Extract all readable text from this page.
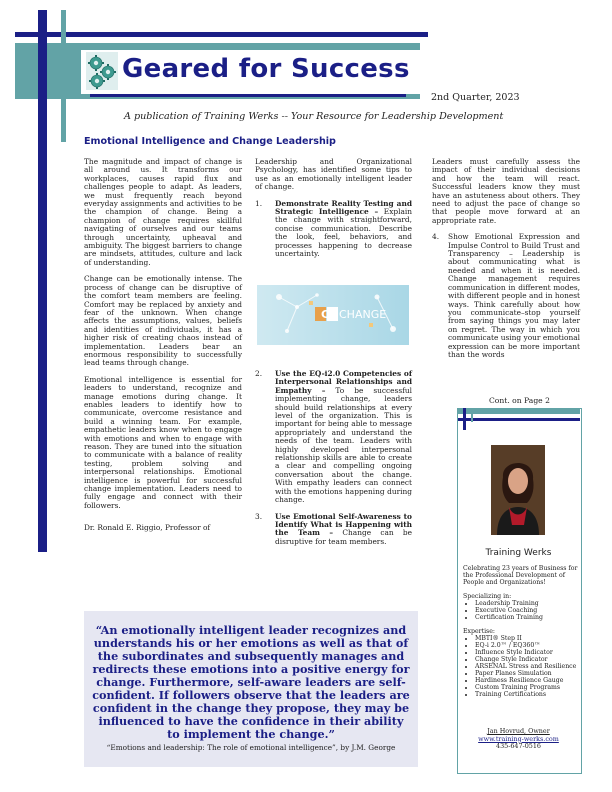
Geared for Success
2nd Quarter, 2023
A publication of Training Werks -- Your Resource for Leadership Development
Emotional Intelligence and Change Leadership

The magnitude and impact of change is all around us. It transforms our workplaces, causes rapid flux and challenges people to adapt. As leaders, we must frequently reach beyond everyday assignments and activities to be the champion of change. Being a champion of change requires skillful navigating of ourselves and our teams through uncertainty, upheaval and ambiguity. The biggest barriers to change are mindsets, attitudes, culture and lack of understanding.

Change can be emotionally intense. The process of change can be disruptive of the comfort team members are feeling. Comfort may be replaced by anxiety and fear of the unknown. When change affects the assumptions, values, beliefs and identities of individuals, it has a higher risk of creating chaos instead of implementation. Leaders bear an enormous responsibility to successfully lead teams through change.

Emotional intelligence is essential for leaders to understand, recognize and manage emotions during change. It enables leaders to identify how to communicate, overcome resistance and build a winning team. For example, empathetic leaders know when to engage with emotions and when to engage with reason. They are tuned into the situation to communicate with a balance of reality testing, problem solving and interpersonal relationships. Emotional intelligence is powerful for successful change implementation. Leaders need to fully engage and connect with their followers.

Dr. Ronald E. Riggio, Professor of

Leadership and Organizational Psychology, has identified some tips to use as an emotionally intelligent leader of change.

1.	Demonstrate Reality Testing and Strategic Intelligence – Explain the change with straightforward, concise communication. Describe the look, feel, behaviors, and processes happening to decrease uncertainty.
C CHANGE
2.	Use the EQ-i2.0 Competencies of Interpersonal Relationships and Empathy – To be successful implementing change, leaders should build relationships at every level of the organization. This is important for being able to message appropriately and understand the needs of the team. Leaders with highly developed interpersonal relationship skills are able to create a clear and compelling ongoing conversation about the change. With empathy leaders can connect with the emotions happening during change.
3.	Use Emotional Self-Awareness to Identify What is Happening with the Team – Change can be disruptive for team members.

Leaders must carefully assess the impact of their individual decisions and how the team will react. Successful leaders know they must have an astuteness about others. They need to adjust the pace of change so that people move forward at an appropriate rate.

4.	Show Emotional Expression and Impulse Control to Build Trust and Transparency – Leadership is about communicating what is needed and when it is needed. Change management requires communication in different modes, with different people and in honest ways. Think carefully about how you communicate–stop yourself from saying things you may later on regret. The way in which you communicate using your emotional expression can be more important than the words
Cont. on Page 2
Training Werks

Celebrating 23 years of Business for the Professional Development of People and Organizations!

Specializing in:
• Leadership Training
• Executive Coaching
• Certification Training
Expertise:
• MBTI® Step II
• EQ-i 2.0™ / EQ360™
• Influence Style Indicator
• Change Style Indicator
• ARSENAL Stress and Resilience
• Paper Planes Simulation
• Hardiness Resilience Gauge
• Custom Training Programs
• Training Certifications
Jan Hovrud, Owner
www.training-werks.com
435-647-0516
“An emotionally intelligent leader recognizes and understands his or her emotions as well as that of the subordinates and subsequently manages and redirects these emotions into a positive energy for change. Furthermore, self-aware leaders are self-confident. If followers observe that the leaders are confident in the change they propose, they may be influenced to have the confidence in their ability to implement the change.”
“Emotions and leadership: The role of emotional intelligence”, by J.M. George
